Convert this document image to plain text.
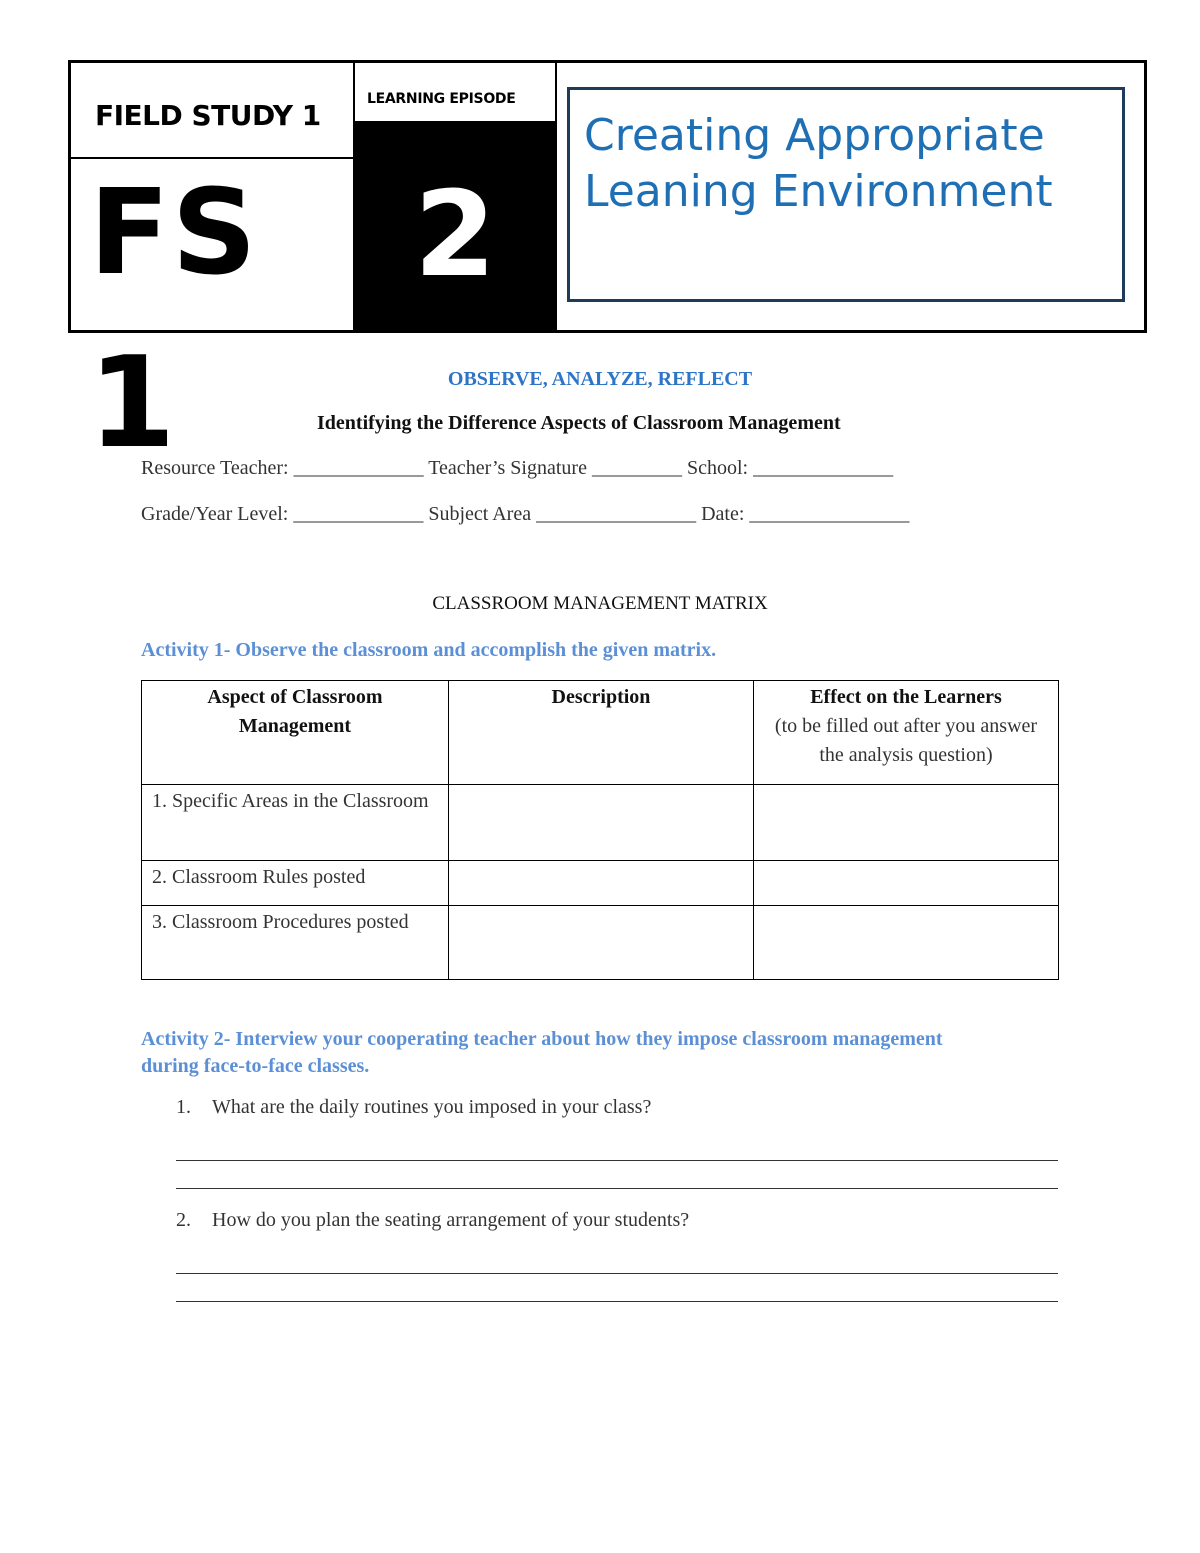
FIELD STUDY 1
FS
LEARNING EPISODE
2
Creating Appropriate
Leaning Environment
1	OBSERVE, ANALYZE, REFLECT
Identifying the Difference Aspects of Classroom Management
Resource Teacher: _____________ Teacher’s Signature _________ School: ______________
Grade/Year Level: _____________ Subject Area ________________ Date: ________________
CLASSROOM MANAGEMENT MATRIX
Activity 1- Observe the classroom and accomplish the given matrix.
Aspect of Classroom Management	Description	Effect on the Learners
(to be filled out after you answer the analysis question)

1. Specific Areas in the Classroom		
2. Classroom Rules posted		
3. Classroom Procedures posted		
Activity 2- Interview your cooperating teacher about how they impose classroom management during face-to-face classes.
1. What are the daily routines you imposed in your class?
2. How do you plan the seating arrangement of your students?
